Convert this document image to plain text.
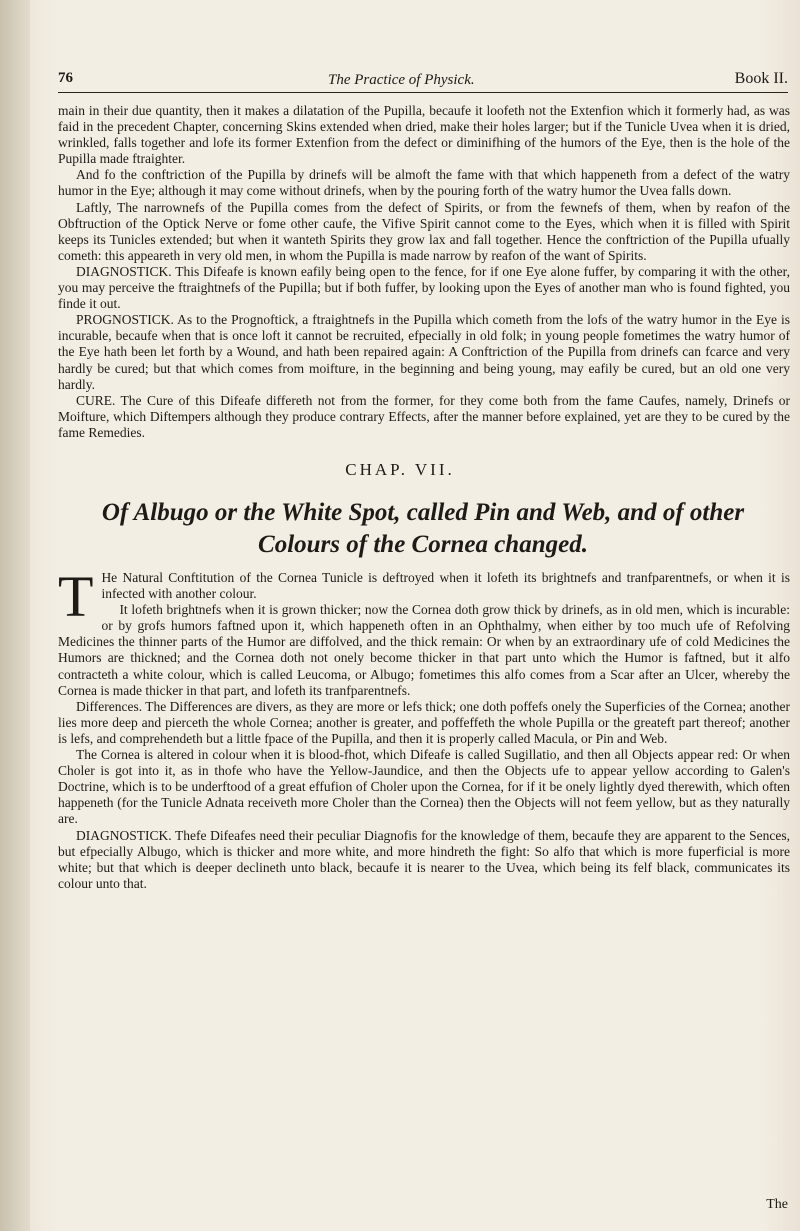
76	The Practice of Physick.	Book II.

main in their due quantity, then it makes a dilatation of the Pupilla, becaufe it loofeth not the Extenfion which it formerly had, as was faid in the precedent Chapter, concerning Skins extended when dried, make their holes larger; but if the Tunicle Uvea when it is dried, wrinkled, falls together and lofe its former Extenfion from the defect or diminifhing of the humors of the Eye, then is the hole of the Pupilla made ftraighter.

And fo the conftriction of the Pupilla by drinefs will be almoft the fame with that which happeneth from a defect of the watry humor in the Eye; although it may come without drinefs, when by the pouring forth of the watry humor the Uvea falls down.

Laftly, The narrownefs of the Pupilla comes from the defect of Spirits, or from the fewnefs of them, when by reafon of the Obftruction of the Optick Nerve or fome other caufe, the Vifive Spirit cannot come to the Eyes, which when it is filled with Spirit keeps its Tunicles extended; but when it wanteth Spirits they grow lax and fall together. Hence the conftriction of the Pupilla ufually cometh: this appeareth in very old men, in whom the Pupilla is made narrow by reafon of the want of Spirits.

DIAGNOSTICK. This Difeafe is known eafily being open to the fence, for if one Eye alone fuffer, by comparing it with the other, you may perceive the ftraightnefs of the Pupilla; but if both fuffer, by looking upon the Eyes of another man who is found fighted, you finde it out.

PROGNOSTICK. As to the Prognoftick, a ftraightnefs in the Pupilla which cometh from the lofs of the watry humor in the Eye is incurable, becaufe when that is once loft it cannot be recruited, efpecially in old folk; in young people fometimes the watry humor of the Eye hath been let forth by a Wound, and hath been repaired again: A Conftriction of the Pupilla from drinefs can fcarce and very hardly be cured; but that which comes from moifture, in the beginning and being young, may eafily be cured, but an old one very hardly.

CURE. The Cure of this Difeafe differeth not from the former, for they come both from the fame Caufes, namely, Drinefs or Moifture, which Diftempers although they produce contrary Effects, after the manner before explained, yet are they to be cured by the fame Remedies.

CHAP. VII.
Of Albugo or the White Spot, called Pin and Web, and of other Colours of the Cornea changed.

T He Natural Conftitution of the Cornea Tunicle is deftroyed when it lofeth its brightnefs and tranfparentnefs, or when it is infected with another colour.

It lofeth brightnefs when it is grown thicker; now the Cornea doth grow thick by drinefs, as in old men, which is incurable: or by grofs humors faftned upon it, which happeneth often in an Ophthalmy, when either by too much ufe of Refolving Medicines the thinner parts of the Humor are diffolved, and the thick remain: Or when by an extraordinary ufe of cold Medicines the Humors are thickned; and the Cornea doth not onely become thicker in that part unto which the Humor is faftned, but it alfo contracteth a white colour, which is called Leucoma, or Albugo; fometimes this alfo comes from a Scar after an Ulcer, whereby the Cornea is made thicker in that part, and lofeth its tranfparentnefs.

Differences. The Differences are divers, as they are more or lefs thick; one doth poffefs onely the Superficies of the Cornea; another lies more deep and pierceth the whole Cornea; another is greater, and poffeffeth the whole Pupilla or the greateft part thereof; another is lefs, and comprehendeth but a little fpace of the Pupilla, and then it is properly called Macula, or Pin and Web.

The Cornea is altered in colour when it is blood-fhot, which Difeafe is called Sugillatio, and then all Objects appear red: Or when Choler is got into it, as in thofe who have the Yellow-Jaundice, and then the Objects ufe to appear yellow according to Galen's Doctrine, which is to be underftood of a great effufion of Choler upon the Cornea, for if it be onely lightly dyed therewith, which often happeneth (for the Tunicle Adnata receiveth more Choler than the Cornea) then the Objects will not feem yellow, but as they naturally are.

DIAGNOSTICK. Thefe Difeafes need their peculiar Diagnofis for the knowledge of them, becaufe they are apparent to the Sences, but efpecially Albugo, which is thicker and more white, and more hindreth the fight: So alfo that which is more fuperficial is more white; but that which is deeper declineth unto black, becaufe it is nearer to the Uvea, which being its felf black, communicates its colour unto that.

The
